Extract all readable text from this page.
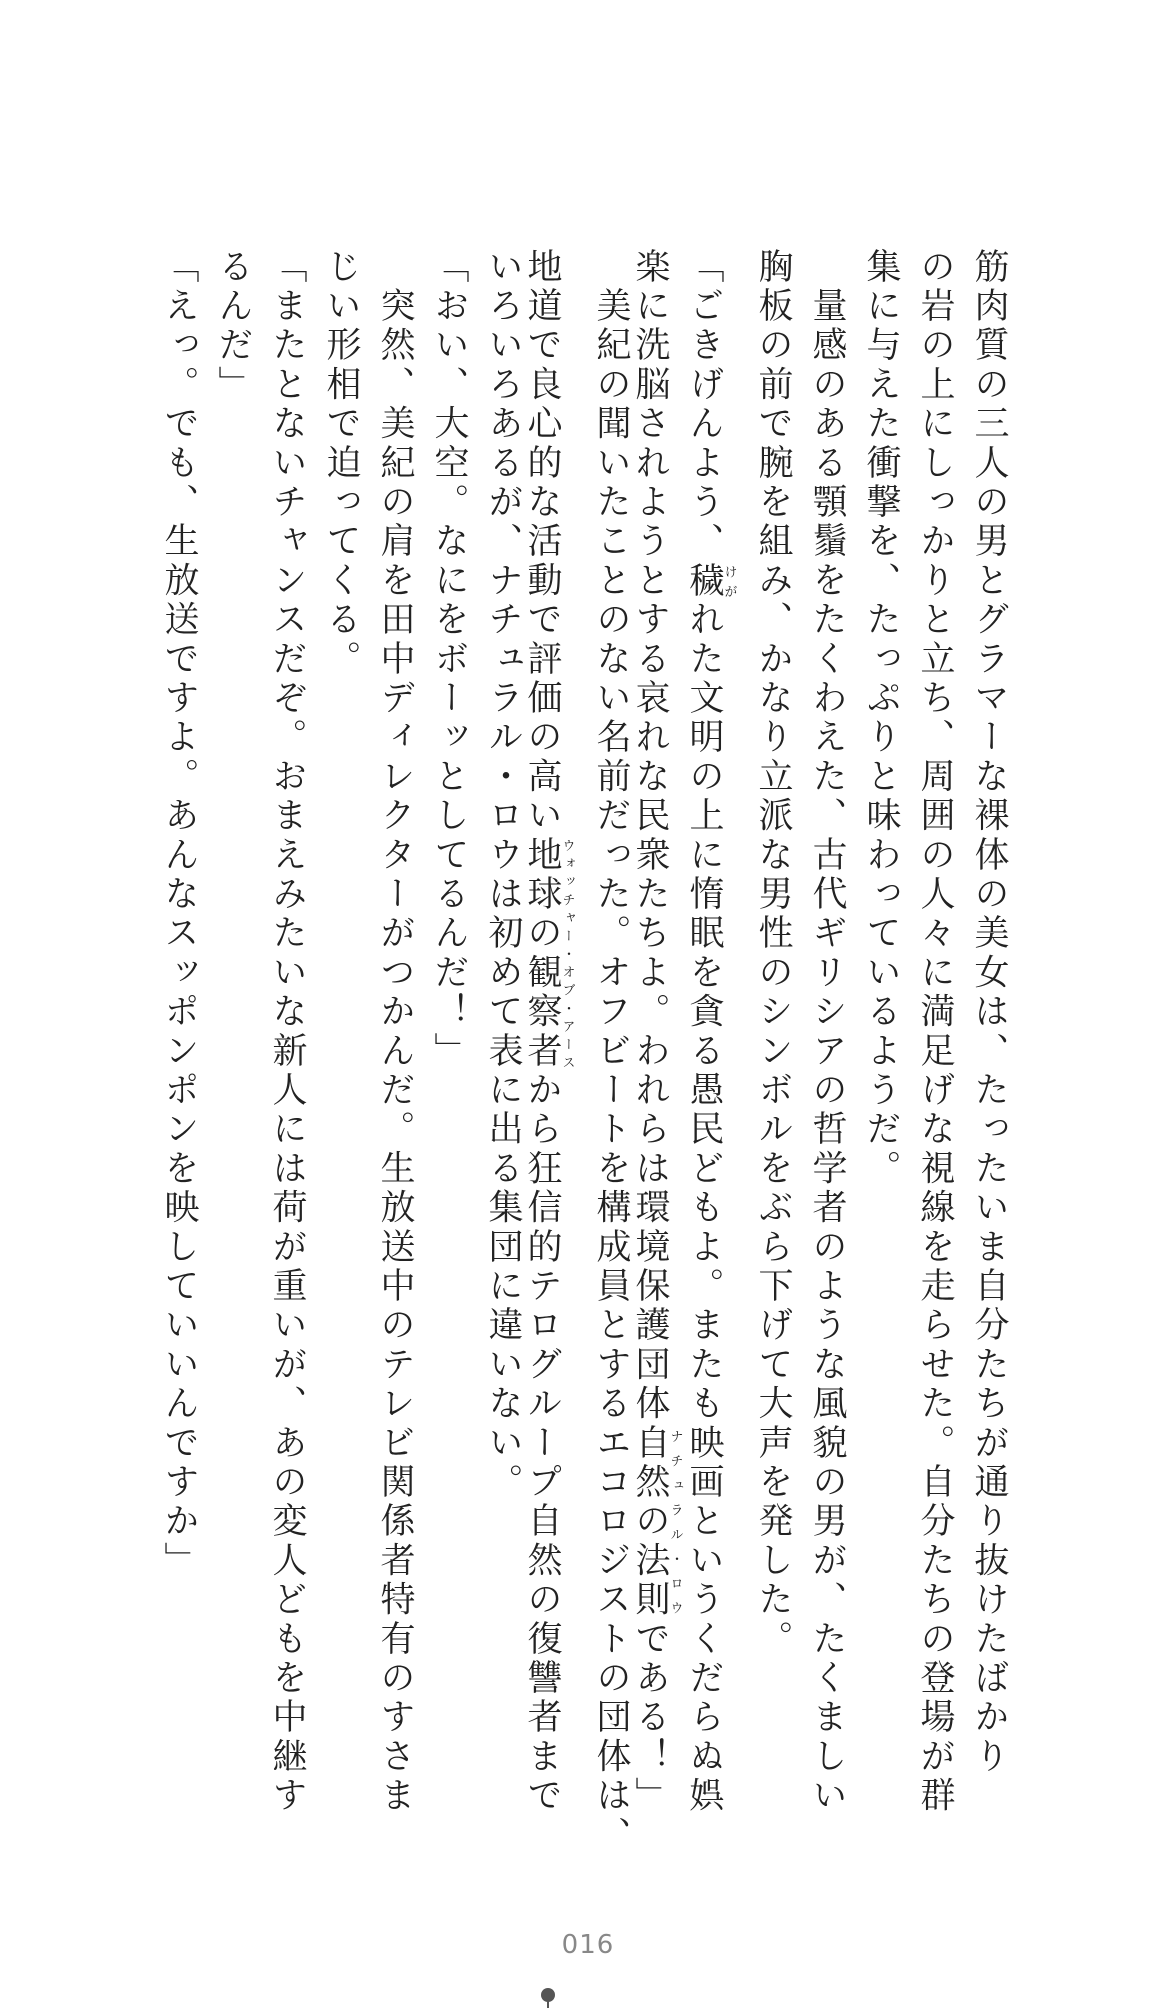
筋肉質の三人の男とグラマーな裸体の美女は、たったいま自分たちが通り抜けたばかり
の岩の上にしっかりと立ち、周囲の人々に満足げな視線を走らせた。自分たちの登場が群
集に与えた衝撃を、たっぷりと味わっているようだ。
　量感のある顎鬚をたくわえた、古代ギリシアの哲学者のような風貌の男が、たくましい
胸板の前で腕を組み、かなり立派な男性のシンボルをぶら下げて大声を発した。
「ごきげんよう、穢けがれた文明の上に惰眠を貪る愚民どもよ。またも映画というくだらぬ娯
楽に洗脳されようとする哀れな民衆たちよ。われらは環境保護団体自然の法則ナチュラル・ロウである！」
　美紀の聞いたことのない名前だった。オフビートを構成員とするエコロジストの団体は、
地道で良心的な活動で評価の高い地球の観察者ウォッチャー・オブ・アースから狂信的テログループ自然の復讐者まで
いろいろあるが、ナチュラル・ロウは初めて表に出る集団に違いない。
「おい、大空。なにをボーッとしてるんだ！」
　突然、美紀の肩を田中ディレクターがつかんだ。生放送中のテレビ関係者特有のすさま
じい形相で迫ってくる。
「またとないチャンスだぞ。おまえみたいな新人には荷が重いが、あの変人どもを中継す
るんだ」
「えっ。でも、生放送ですよ。あんなスッポンポンを映していいんですか」
016
